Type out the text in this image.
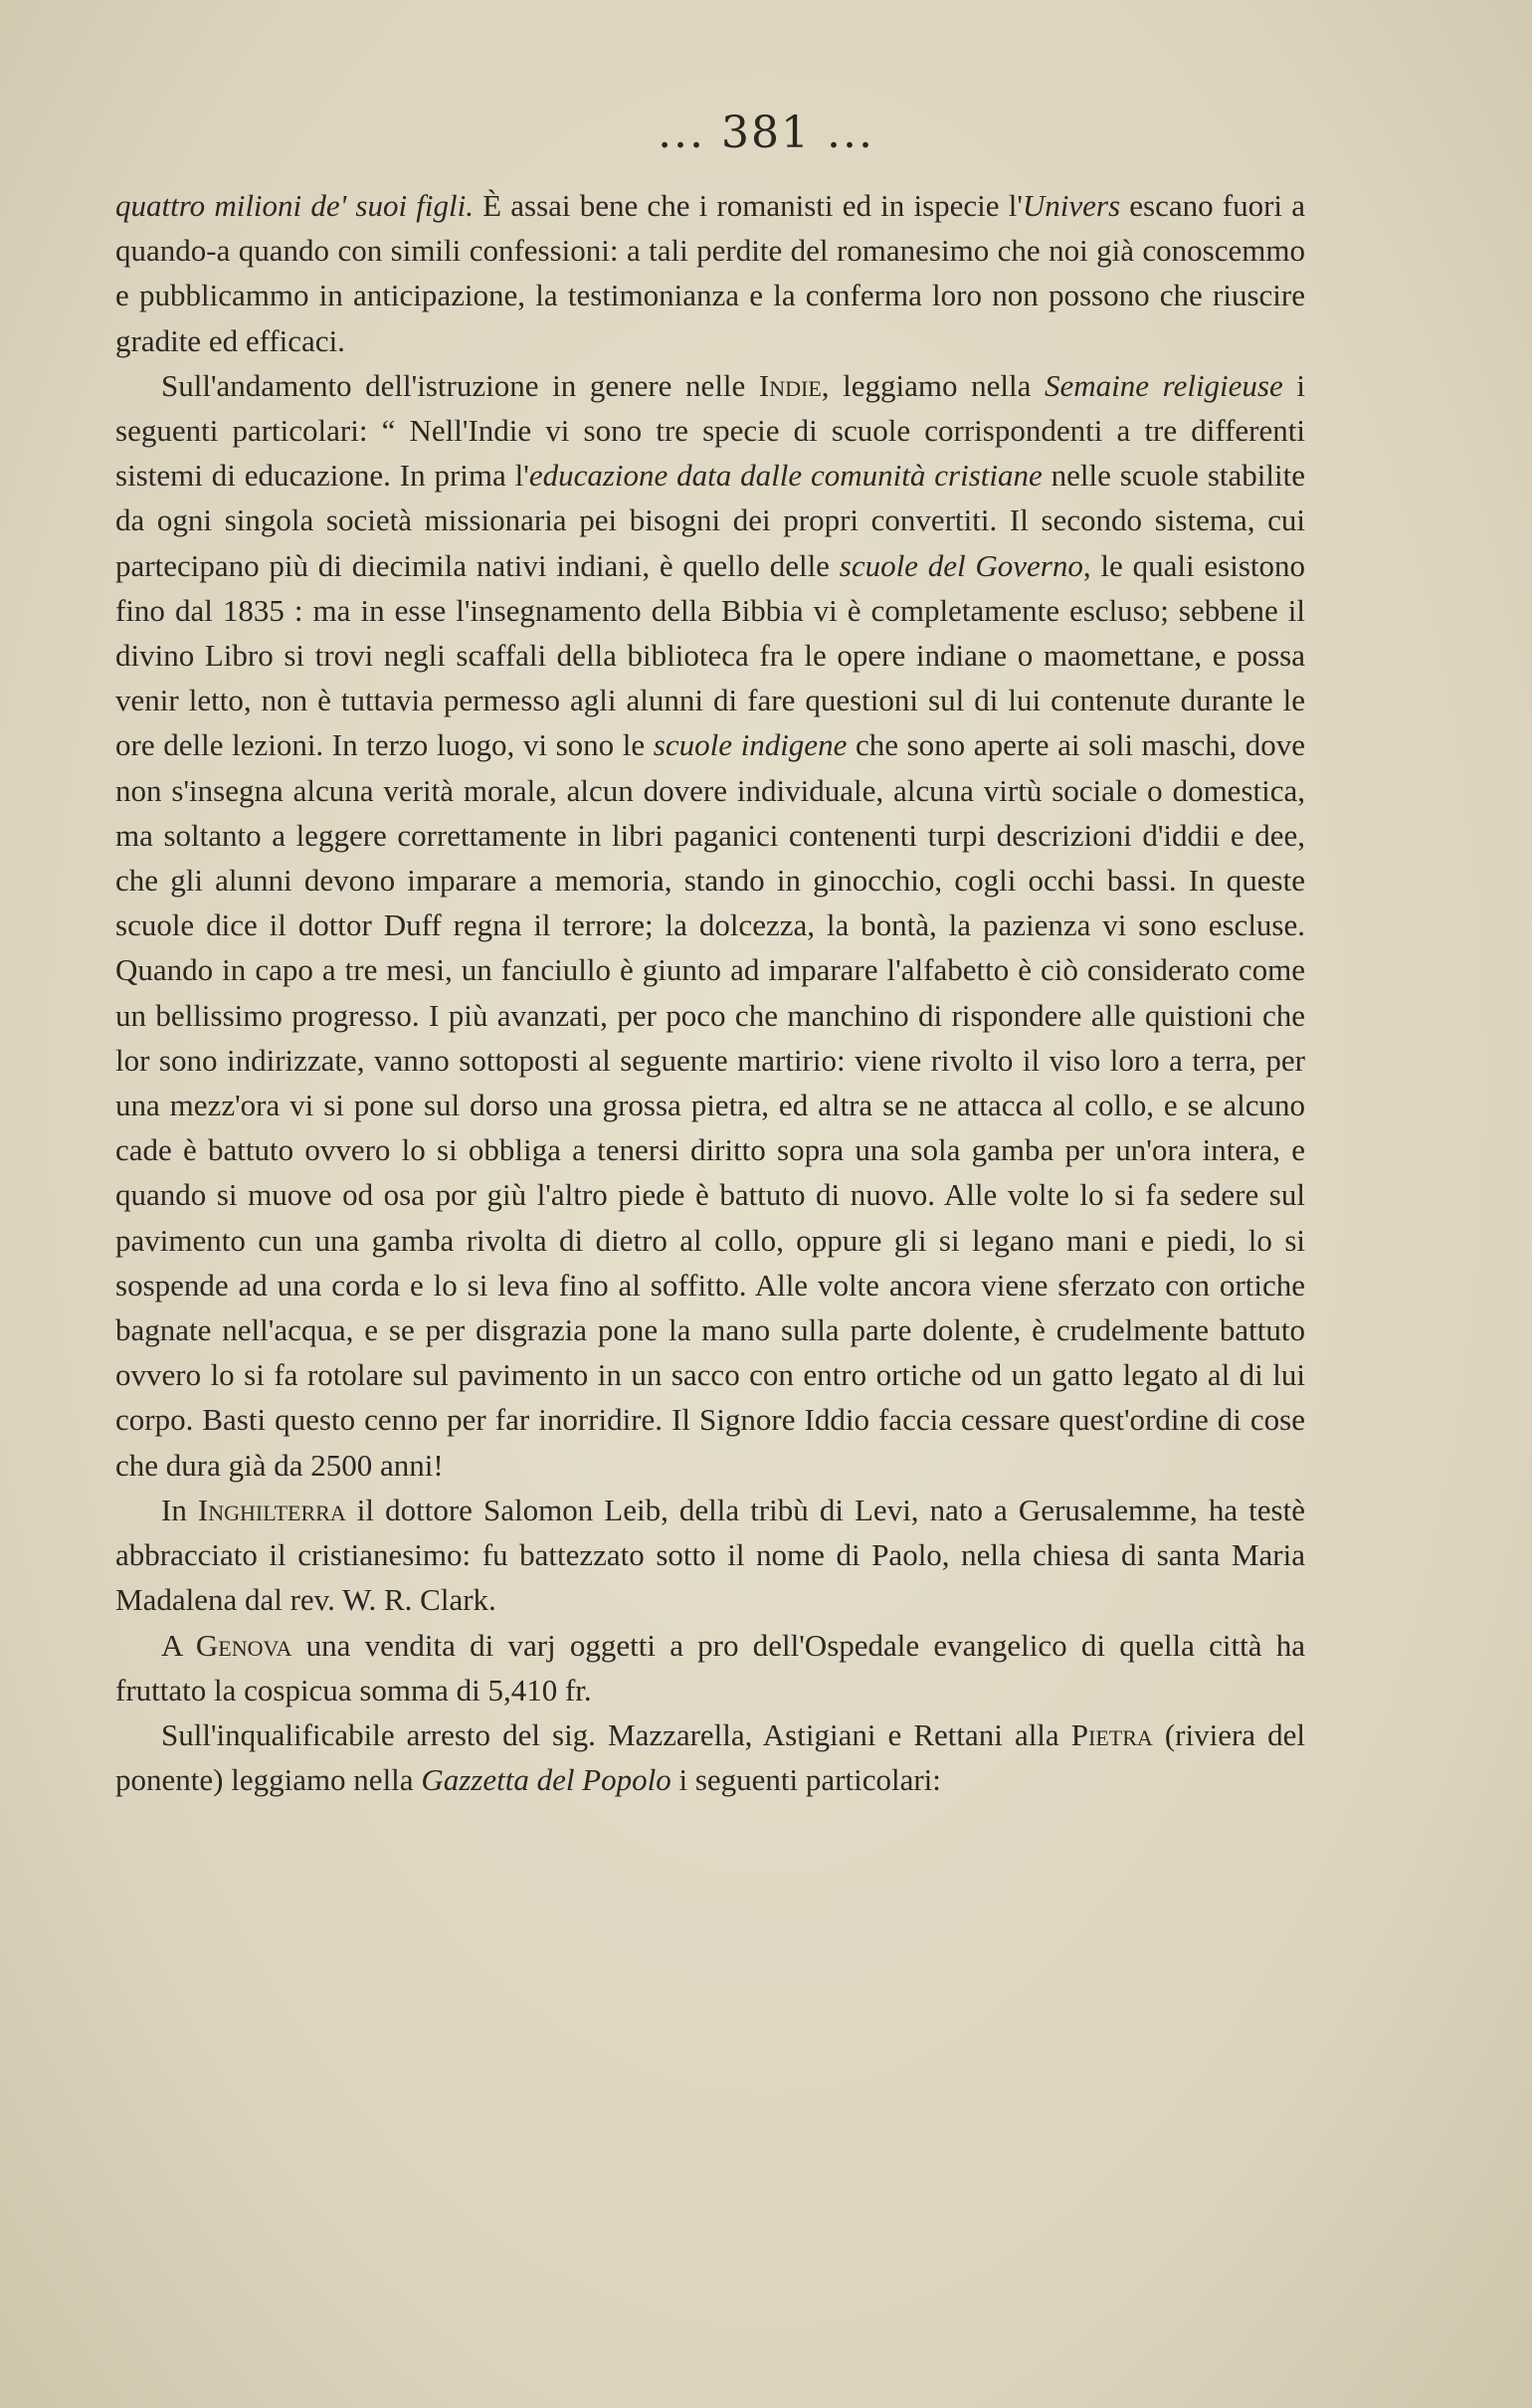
... 381 ...

quattro milioni de' suoi figli. È assai bene che i romanisti ed in ispecie l'Univers escano fuori a quando-a quando con simili confessioni: a tali perdite del romanesimo che noi già conoscemmo e pubblicammo in anticipazione, la testimonianza e la conferma loro non possono che riuscire gradite ed efficaci.

Sull'andamento dell'istruzione in genere nelle Indie, leggiamo nella Semaine religieuse i seguenti particolari: “ Nell'Indie vi sono tre specie di scuole corrispondenti a tre differenti sistemi di educazione. In prima l'educazione data dalle comunità cristiane nelle scuole stabilite da ogni singola società missionaria pei bisogni dei propri convertiti. Il secondo sistema, cui partecipano più di diecimila nativi indiani, è quello delle scuole del Governo, le quali esistono fino dal 1835 : ma in esse l'insegnamento della Bibbia vi è completamente escluso; sebbene il divino Libro si trovi negli scaffali della biblioteca fra le opere indiane o maomettane, e possa venir letto, non è tuttavia permesso agli alunni di fare questioni sul di lui contenute durante le ore delle lezioni. In terzo luogo, vi sono le scuole indigene che sono aperte ai soli maschi, dove non s'insegna alcuna verità morale, alcun dovere individuale, alcuna virtù sociale o domestica, ma soltanto a leggere correttamente in libri paganici contenenti turpi descrizioni d'iddii e dee, che gli alunni devono imparare a memoria, stando in ginocchio, cogli occhi bassi. In queste scuole dice il dottor Duff regna il terrore; la dolcezza, la bontà, la pazienza vi sono escluse. Quando in capo a tre mesi, un fanciullo è giunto ad imparare l'alfabetto è ciò considerato come un bellissimo progresso. I più avanzati, per poco che manchino di rispondere alle quistioni che lor sono indirizzate, vanno sottoposti al seguente martirio: viene rivolto il viso loro a terra, per una mezz'ora vi si pone sul dorso una grossa pietra, ed altra se ne attacca al collo, e se alcuno cade è battuto ovvero lo si obbliga a tenersi diritto sopra una sola gamba per un'ora intera, e quando si muove od osa por giù l'altro piede è battuto di nuovo. Alle volte lo si fa sedere sul pavimento cun una gamba rivolta di dietro al collo, oppure gli si legano mani e piedi, lo si sospende ad una corda e lo si leva fino al soffitto. Alle volte ancora viene sferzato con ortiche bagnate nell'acqua, e se per disgrazia pone la mano sulla parte dolente, è crudelmente battuto ovvero lo si fa rotolare sul pavimento in un sacco con entro ortiche od un gatto legato al di lui corpo. Basti questo cenno per far inorridire. Il Signore Iddio faccia cessare quest'ordine di cose che dura già da 2500 anni!

In Inghilterra il dottore Salomon Leib, della tribù di Levi, nato a Gerusalemme, ha testè abbracciato il cristianesimo: fu battezzato sotto il nome di Paolo, nella chiesa di santa Maria Madalena dal rev. W. R. Clark.

A Genova una vendita di varj oggetti a pro dell'Ospedale evangelico di quella città ha fruttato la cospicua somma di 5,410 fr.

Sull'inqualificabile arresto del sig. Mazzarella, Astigiani e Rettani alla Pietra (riviera del ponente) leggiamo nella Gazzetta del Popolo i seguenti particolari:
